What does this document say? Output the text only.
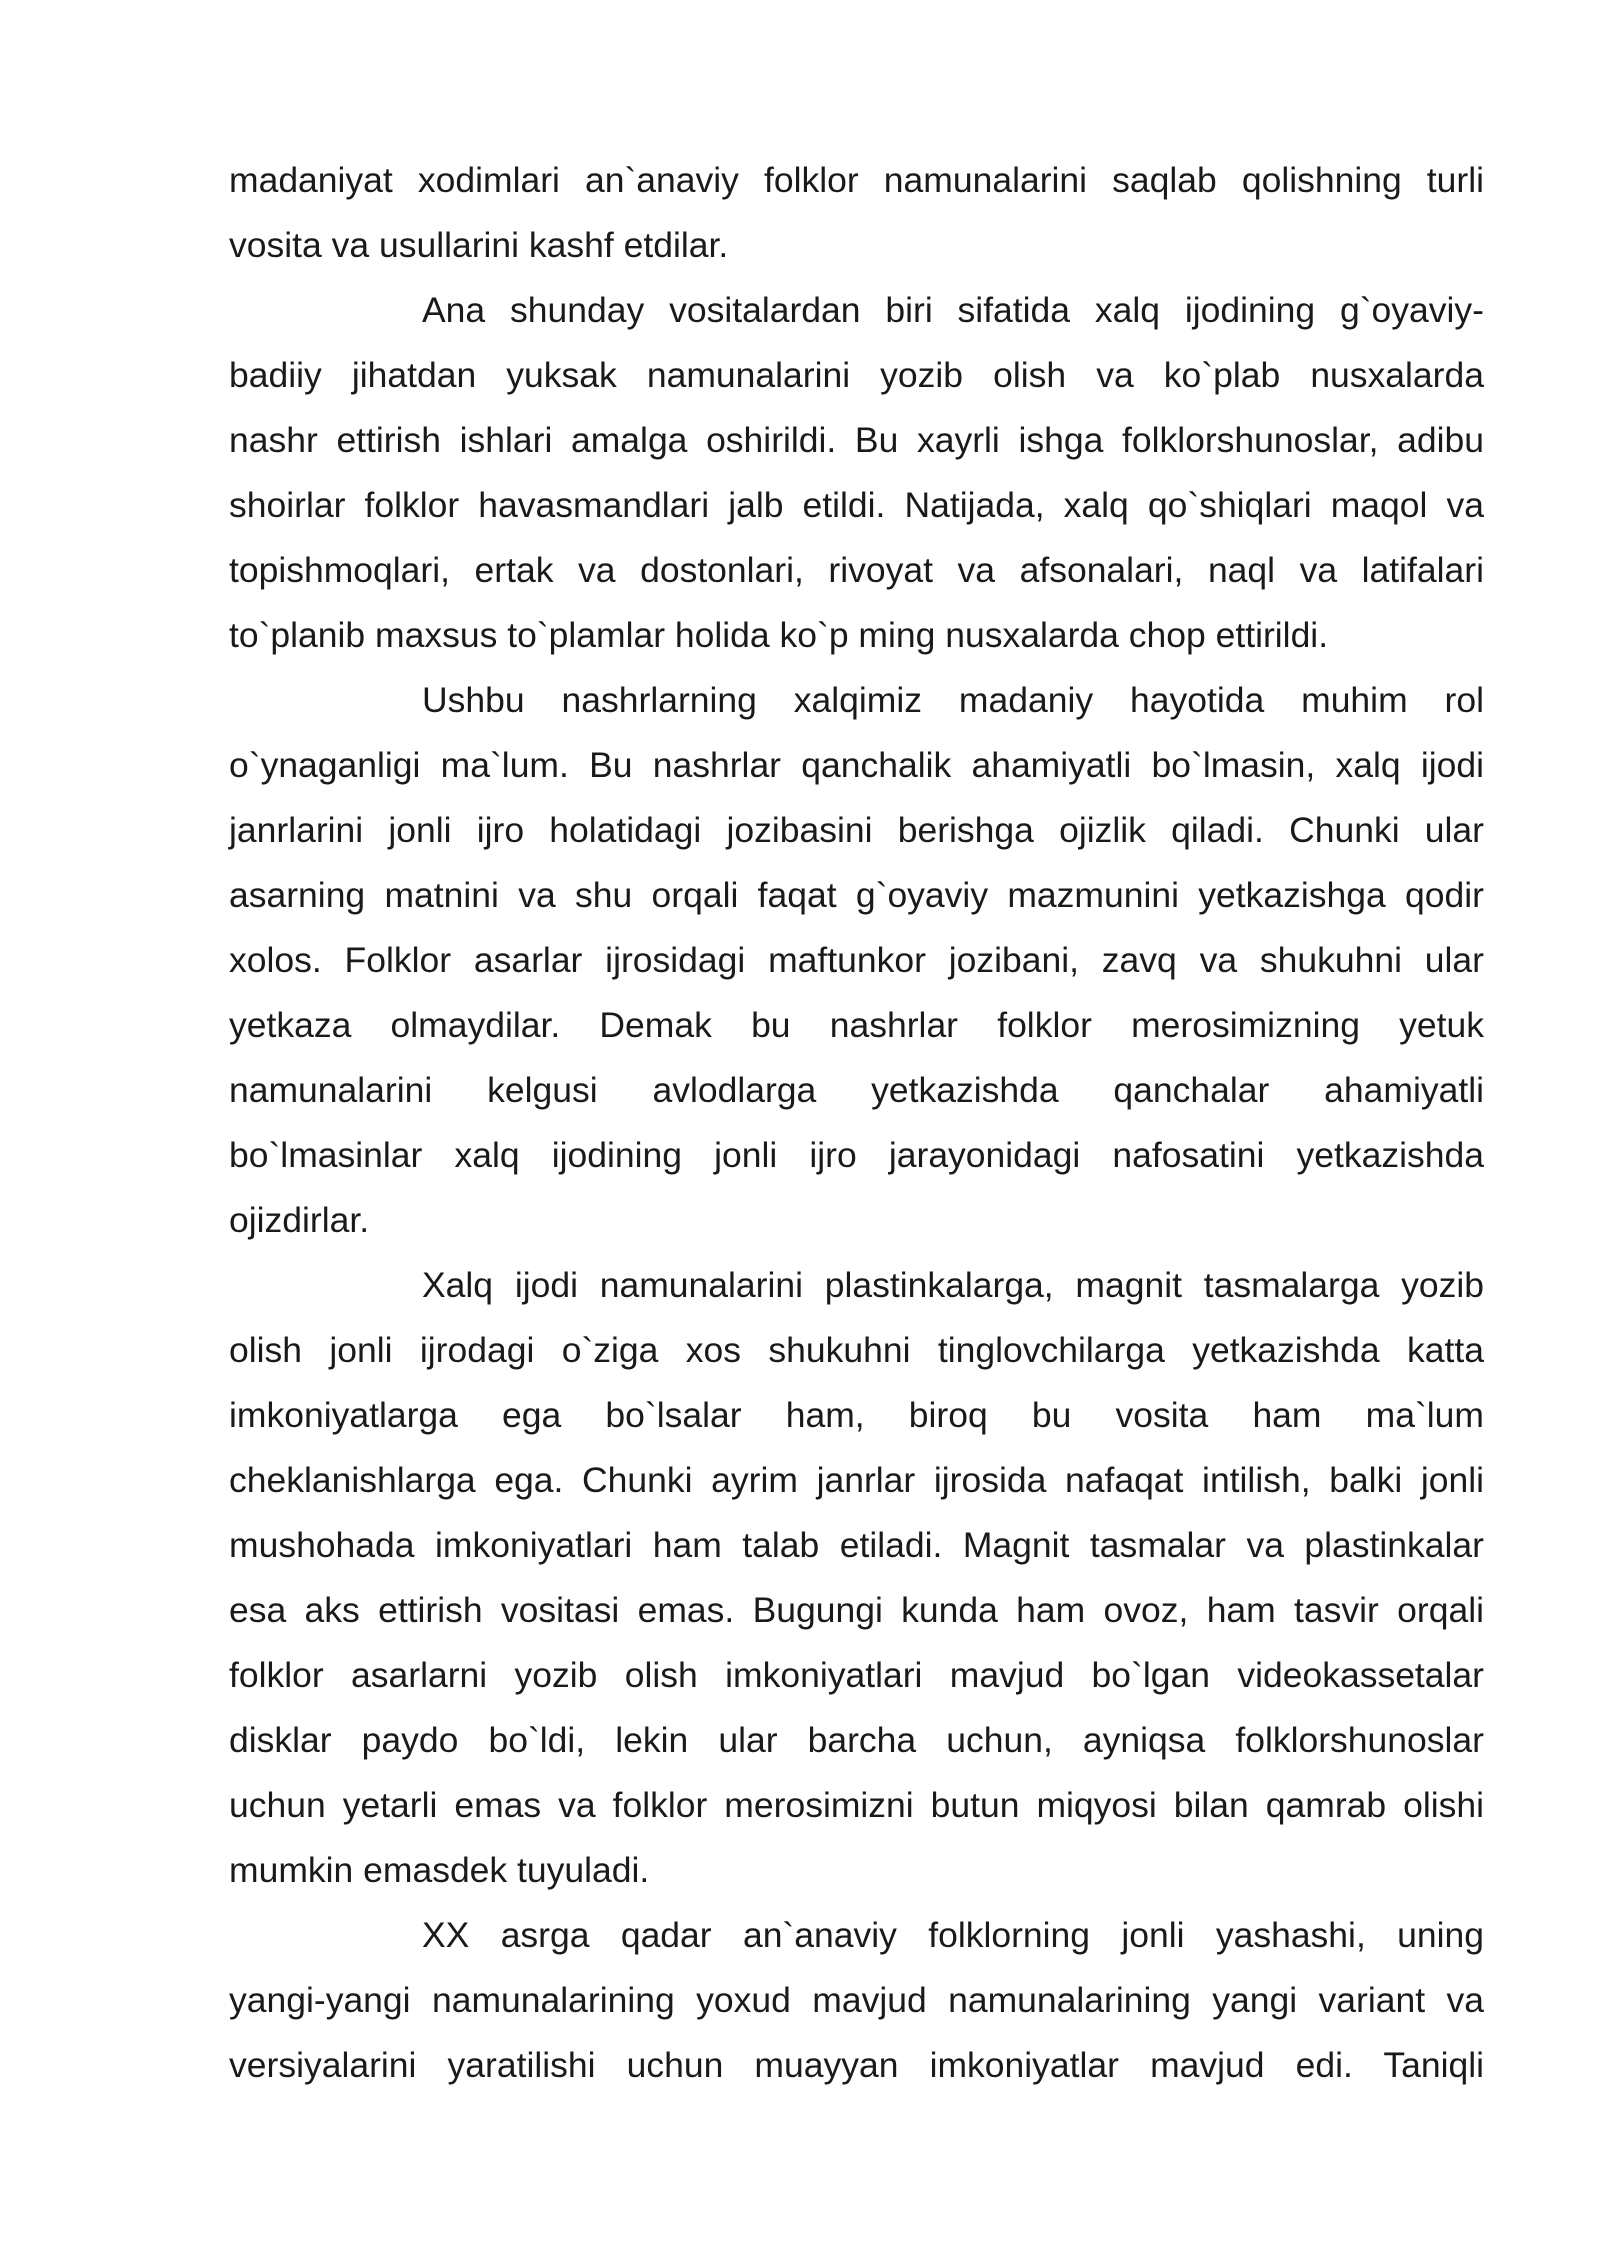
madaniyat xodimlari an`anaviy folklor namunalarini saqlab qolishning turli
vosita va usullarini kashf etdilar.
Ana shunday vositalardan biri sifatida xalq ijodining g`oyaviy-
badiiy jihatdan yuksak namunalarini yozib olish va ko`plab nusxalarda
nashr ettirish ishlari amalga oshirildi. Bu xayrli ishga folklorshunoslar, adibu
shoirlar folklor havasmandlari jalb etildi. Natijada, xalq qo`shiqlari maqol va
topishmoqlari, ertak va dostonlari, rivoyat va afsonalari, naql va latifalari
to`planib maxsus to`plamlar holida ko`p ming nusxalarda chop ettirildi.
Ushbu nashrlarning xalqimiz madaniy hayotida muhim rol
o`ynaganligi ma`lum. Bu nashrlar qanchalik ahamiyatli bo`lmasin, xalq ijodi
janrlarini jonli ijro holatidagi jozibasini berishga ojizlik qiladi. Chunki ular
asarning matnini va shu orqali faqat g`oyaviy mazmunini yetkazishga qodir
xolos. Folklor asarlar ijrosidagi maftunkor jozibani, zavq va shukuhni ular
yetkaza olmaydilar. Demak bu nashrlar folklor merosimizning yetuk
namunalarini kelgusi avlodlarga yetkazishda qanchalar ahamiyatli
bo`lmasinlar xalq ijodining jonli ijro jarayonidagi nafosatini yetkazishda
ojizdirlar.
Xalq ijodi namunalarini plastinkalarga, magnit tasmalarga yozib
olish jonli ijrodagi o`ziga xos shukuhni tinglovchilarga yetkazishda katta
imkoniyatlarga ega bo`lsalar ham, biroq bu vosita ham ma`lum
cheklanishlarga ega. Chunki ayrim janrlar ijrosida nafaqat intilish, balki jonli
mushohada imkoniyatlari ham talab etiladi. Magnit tasmalar va plastinkalar
esa aks ettirish vositasi emas. Bugungi kunda ham ovoz, ham tasvir orqali
folklor asarlarni yozib olish imkoniyatlari mavjud bo`lgan videokassetalar
disklar paydo bo`ldi, lekin ular barcha uchun, ayniqsa folklorshunoslar
uchun yetarli emas va folklor merosimizni butun miqyosi bilan qamrab olishi
mumkin emasdek tuyuladi.
XX asrga qadar an`anaviy folklorning jonli yashashi, uning
yangi-yangi namunalarining yoxud mavjud namunalarining yangi variant va
versiyalarini yaratilishi uchun muayyan imkoniyatlar mavjud edi. Taniqli
